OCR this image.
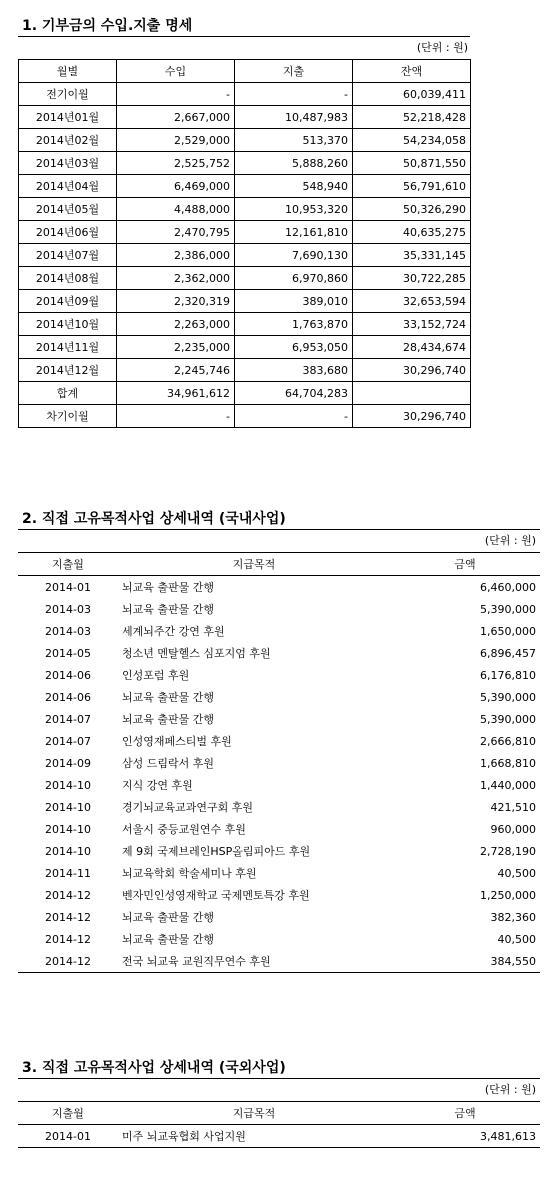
1. 기부금의 수입.지출 명세
(단위 : 원)
월별	수입	지출	잔액
전기이월	-	-	60,039,411
2014년01월	2,667,000	10,487,983	52,218,428
2014년02월	2,529,000	513,370	54,234,058
2014년03월	2,525,752	5,888,260	50,871,550
2014년04월	6,469,000	548,940	56,791,610
2014년05월	4,488,000	10,953,320	50,326,290
2014년06월	2,470,795	12,161,810	40,635,275
2014년07월	2,386,000	7,690,130	35,331,145
2014년08월	2,362,000	6,970,860	30,722,285
2014년09월	2,320,319	389,010	32,653,594
2014년10월	2,263,000	1,763,870	33,152,724
2014년11월	2,235,000	6,953,050	28,434,674
2014년12월	2,245,746	383,680	30,296,740
합계	34,961,612	64,704,283	
차기이월	-	-	30,296,740
2. 직접 고유목적사업 상세내역 (국내사업)
(단위 : 원)
지출월	지급목적	금액
2014-01	뇌교육 출판물 간행	6,460,000
2014-03	뇌교육 출판물 간행	5,390,000
2014-03	세계뇌주간 강연 후원	1,650,000
2014-05	청소년 멘탈헬스 심포지엄 후원	6,896,457
2014-06	인성포럼 후원	6,176,810
2014-06	뇌교육 출판물 간행	5,390,000
2014-07	뇌교육 출판물 간행	5,390,000
2014-07	인성영재페스티벌 후원	2,666,810
2014-09	삼성 드림락서 후원	1,668,810
2014-10	지식 강연 후원	1,440,000
2014-10	경기뇌교육교과연구회 후원	421,510
2014-10	서울시 중등교원연수 후원	960,000
2014-10	제 9회 국제브레인HSP올림피아드 후원	2,728,190
2014-11	뇌교육학회 학술세미나 후원	40,500
2014-12	벤자민인성영재학교 국제멘토특강 후원	1,250,000
2014-12	뇌교육 출판물 간행	382,360
2014-12	뇌교육 출판물 간행	40,500
2014-12	전국 뇌교육 교원직무연수 후원	384,550
3. 직접 고유목적사업 상세내역 (국외사업)
(단위 : 원)
지출월	지급목적	금액
2014-01	미주 뇌교육협회 사업지원	3,481,613
